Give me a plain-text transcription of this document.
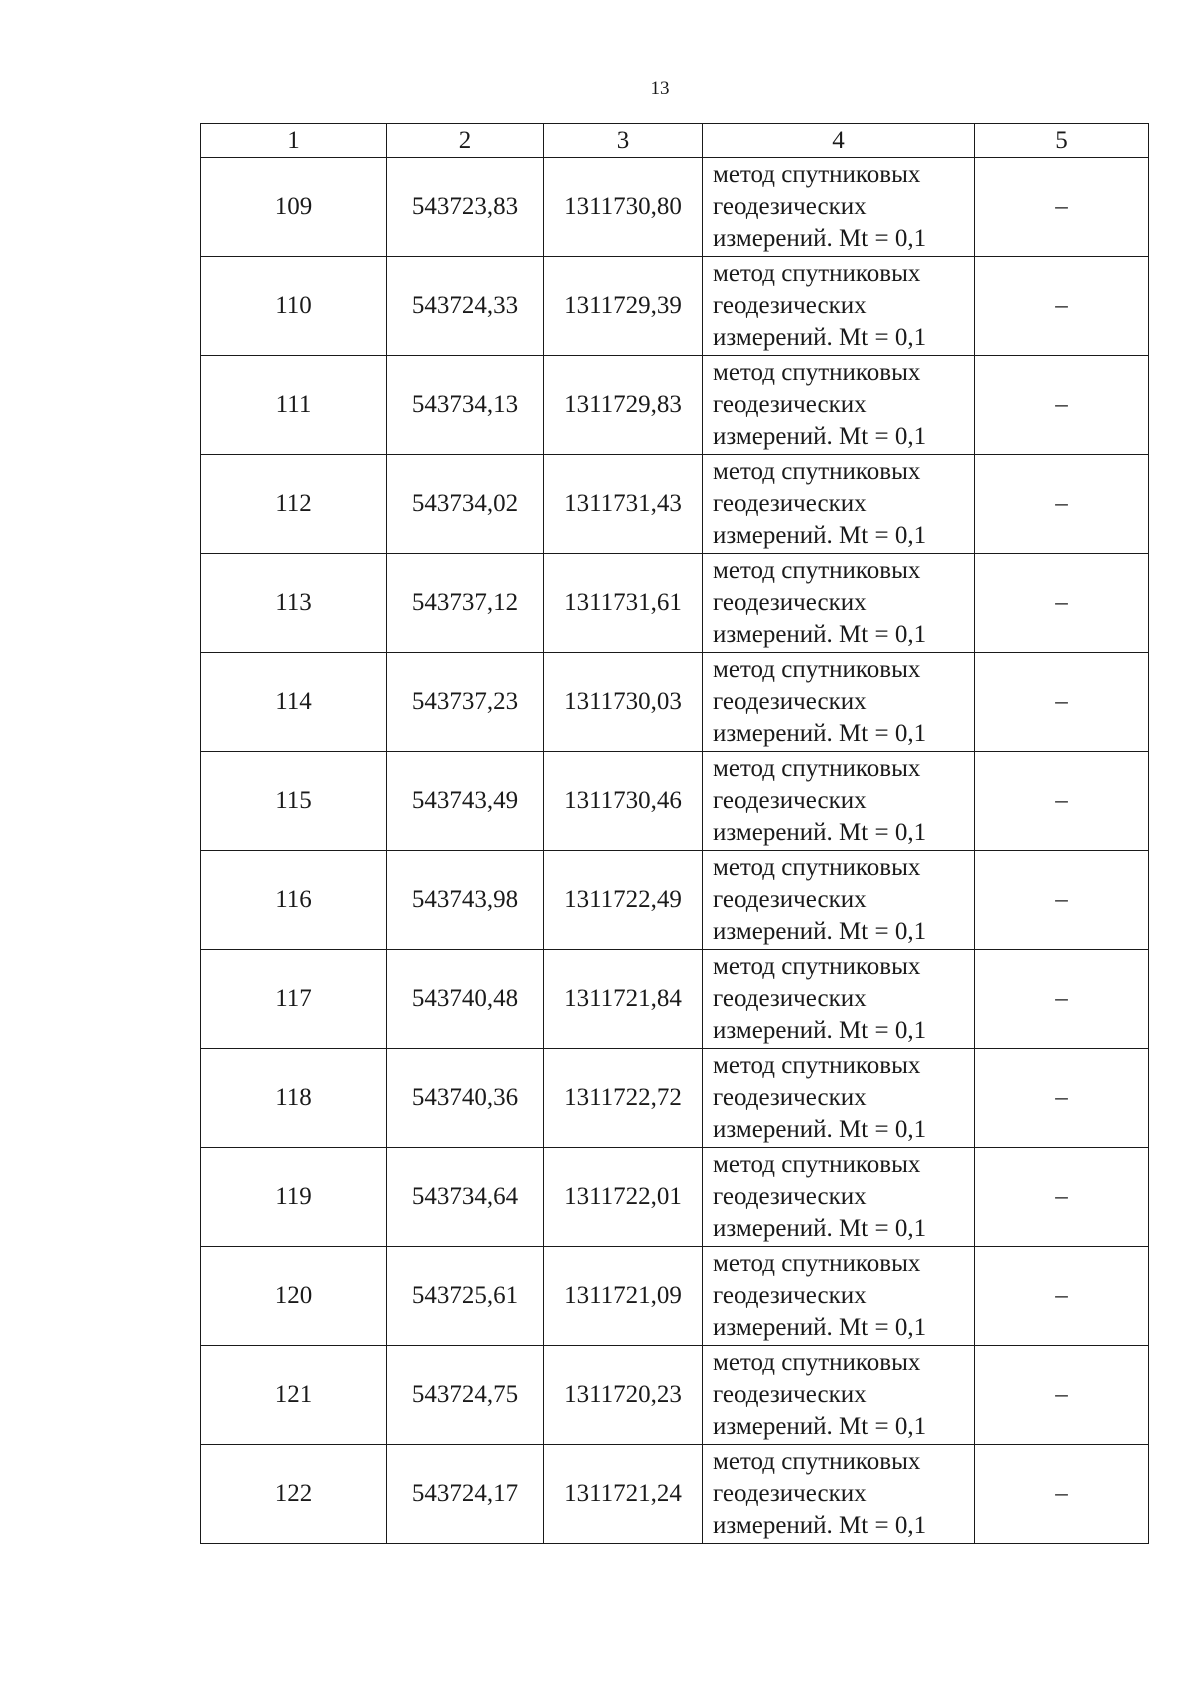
13
1	2	3	4	5
109	543723,83	1311730,80	метод спутниковых
геодезических
измерений. Mt = 0,1	–
110	543724,33	1311729,39	метод спутниковых
геодезических
измерений. Mt = 0,1	–
111	543734,13	1311729,83	метод спутниковых
геодезических
измерений. Mt = 0,1	–
112	543734,02	1311731,43	метод спутниковых
геодезических
измерений. Mt = 0,1	–
113	543737,12	1311731,61	метод спутниковых
геодезических
измерений. Mt = 0,1	–
114	543737,23	1311730,03	метод спутниковых
геодезических
измерений. Mt = 0,1	–
115	543743,49	1311730,46	метод спутниковых
геодезических
измерений. Mt = 0,1	–
116	543743,98	1311722,49	метод спутниковых
геодезических
измерений. Mt = 0,1	–
117	543740,48	1311721,84	метод спутниковых
геодезических
измерений. Mt = 0,1	–
118	543740,36	1311722,72	метод спутниковых
геодезических
измерений. Mt = 0,1	–
119	543734,64	1311722,01	метод спутниковых
геодезических
измерений. Mt = 0,1	–
120	543725,61	1311721,09	метод спутниковых
геодезических
измерений. Mt = 0,1	–
121	543724,75	1311720,23	метод спутниковых
геодезических
измерений. Mt = 0,1	–
122	543724,17	1311721,24	метод спутниковых
геодезических
измерений. Mt = 0,1	–
